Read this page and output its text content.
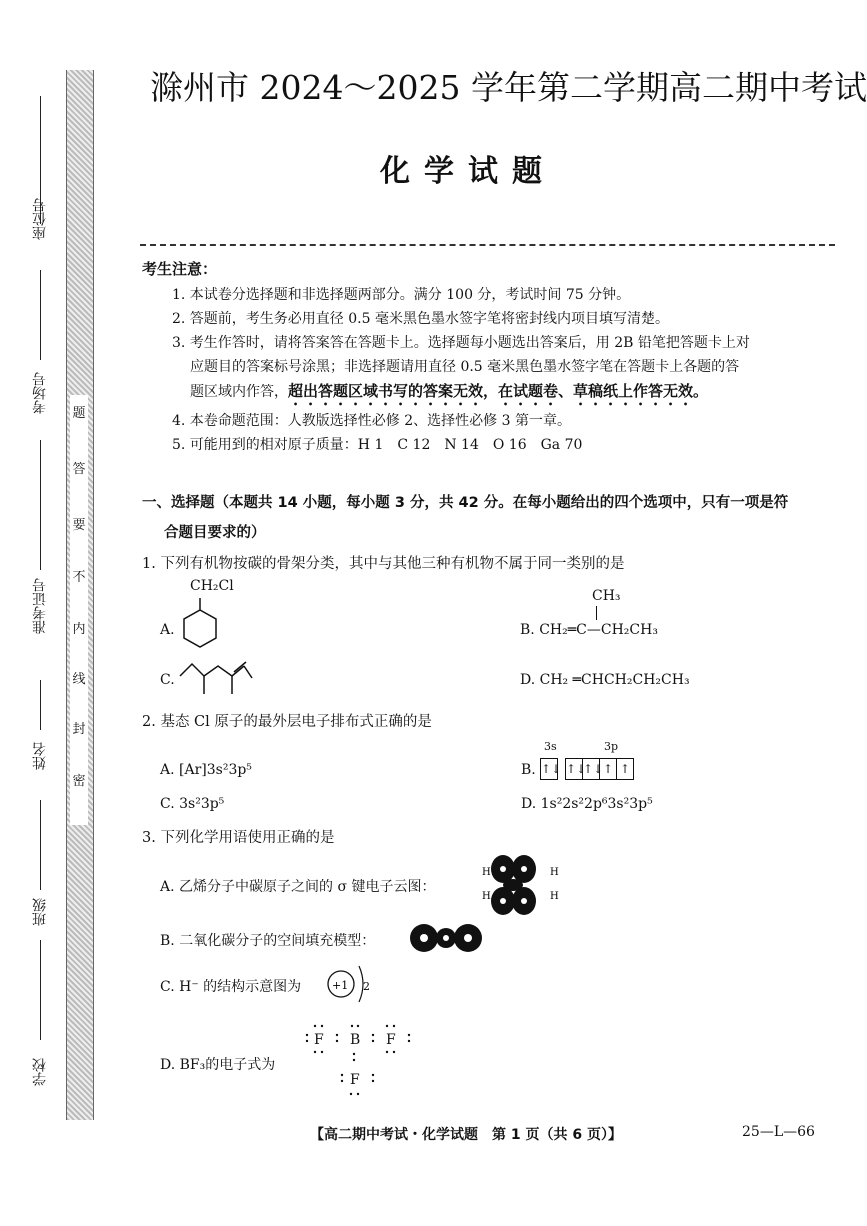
座位号
考场号
准考证号
姓名
班级
学校
题
答
要
不
内
线
封
密
滁州市 2024～2025 学年第二学期高二期中考试
化学试题
考生注意：
1. 本试卷分选择题和非选择题两部分。满分 100 分，考试时间 75 分钟。
2. 答题前，考生务必用直径 0.5 毫米黑色墨水签字笔将密封线内项目填写清楚。
3. 考生作答时，请将答案答在答题卡上。选择题每小题选出答案后，用 2B 铅笔把答题卡上对
应题目的答案标号涂黑；非选择题请用直径 0.5 毫米黑色墨水签字笔在答题卡上各题的答
题区域内作答，超出答题区域书写的答案无效，在试题卷、草稿纸上作答无效。
4. 本卷命题范围：人教版选择性必修 2、选择性必修 3 第一章。
5. 可能用到的相对原子质量：H 1　C 12　N 14　O 16　Ga 70
一、选择题（本题共 14 小题，每小题 3 分，共 42 分。在每小题给出的四个选项中，只有一项是符
合题目要求的）
1. 下列有机物按碳的骨架分类，其中与其他三种有机物不属于同一类别的是
CH₂Cl
A.
CH₃
B. CH₂═C—CH₂CH₃
C.	D. CH₂ ═CHCH₂CH₂CH₃
2. 基态 Cl 原子的最外层电子排布式正确的是
A. [Ar]3s²3p⁵	B.
3s	3p
↑↓ ↑↓↑↓↑ ↑
C. 3s²3p⁵	D. 1s²2s²2p⁶3s²3p⁵
3. 下列化学用语使用正确的是
A. 乙烯分子中碳原子之间的 σ 键电子云图：
H	H
H	H
B. 二氧化碳分子的空间填充模型：
C. H⁻ 的结构示意图为	+1 2
D. BF₃的电子式为
F B F
F
【高二期中考试・化学试题　第 1 页（共 6 页）】	25—L—66
